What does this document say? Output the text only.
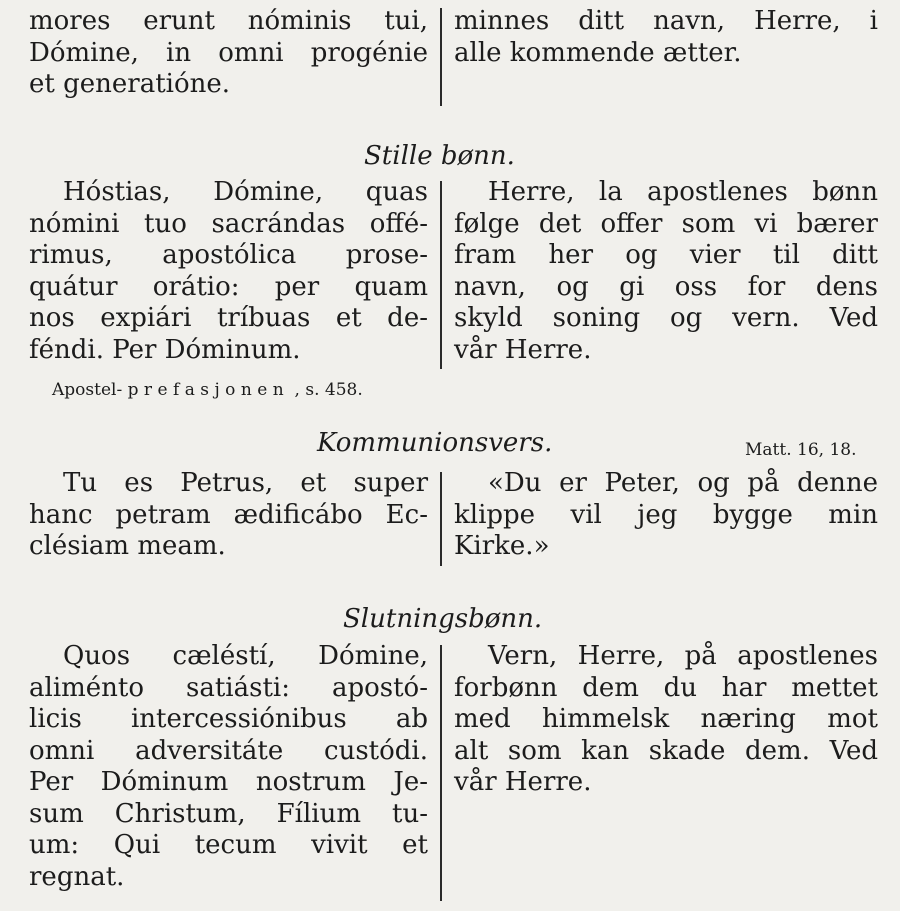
mores erunt nóminis tui,
Dómine, in omni progénie
et generatióne.
minnes ditt navn, Herre, i
alle kommende ætter.
Stille bønn.
Hóstias, Dómine, quas
nómini tuo sacrándas offé-
rimus, apostólica prose-
quátur orátio: per quam
nos expiári tríbuas et de-
féndi. Per Dóminum.
Herre, la apostlenes bønn
følge det offer som vi bærer
fram her og vier til ditt
navn, og gi oss for dens
skyld soning og vern. Ved
vår Herre.
Apostel- prefasjonen , s. 458.
Kommunionsvers.	Matt. 16, 18.
Tu es Petrus, et super
hanc petram ædificábo Ec-
clésiam meam.
«Du er Peter, og på denne
klippe vil jeg bygge min
Kirke.»
Slutningsbønn.
Quos cæléstí, Dómine,
aliménto satiásti: apostó-
licis intercessiónibus ab
omni adversitáte custódi.
Per Dóminum nostrum Je-
sum Christum, Fílium tu-
um: Qui tecum vivit et
regnat.
Vern, Herre, på apostlenes
forbønn dem du har mettet
med himmelsk næring mot
alt som kan skade dem. Ved
vår Herre.
